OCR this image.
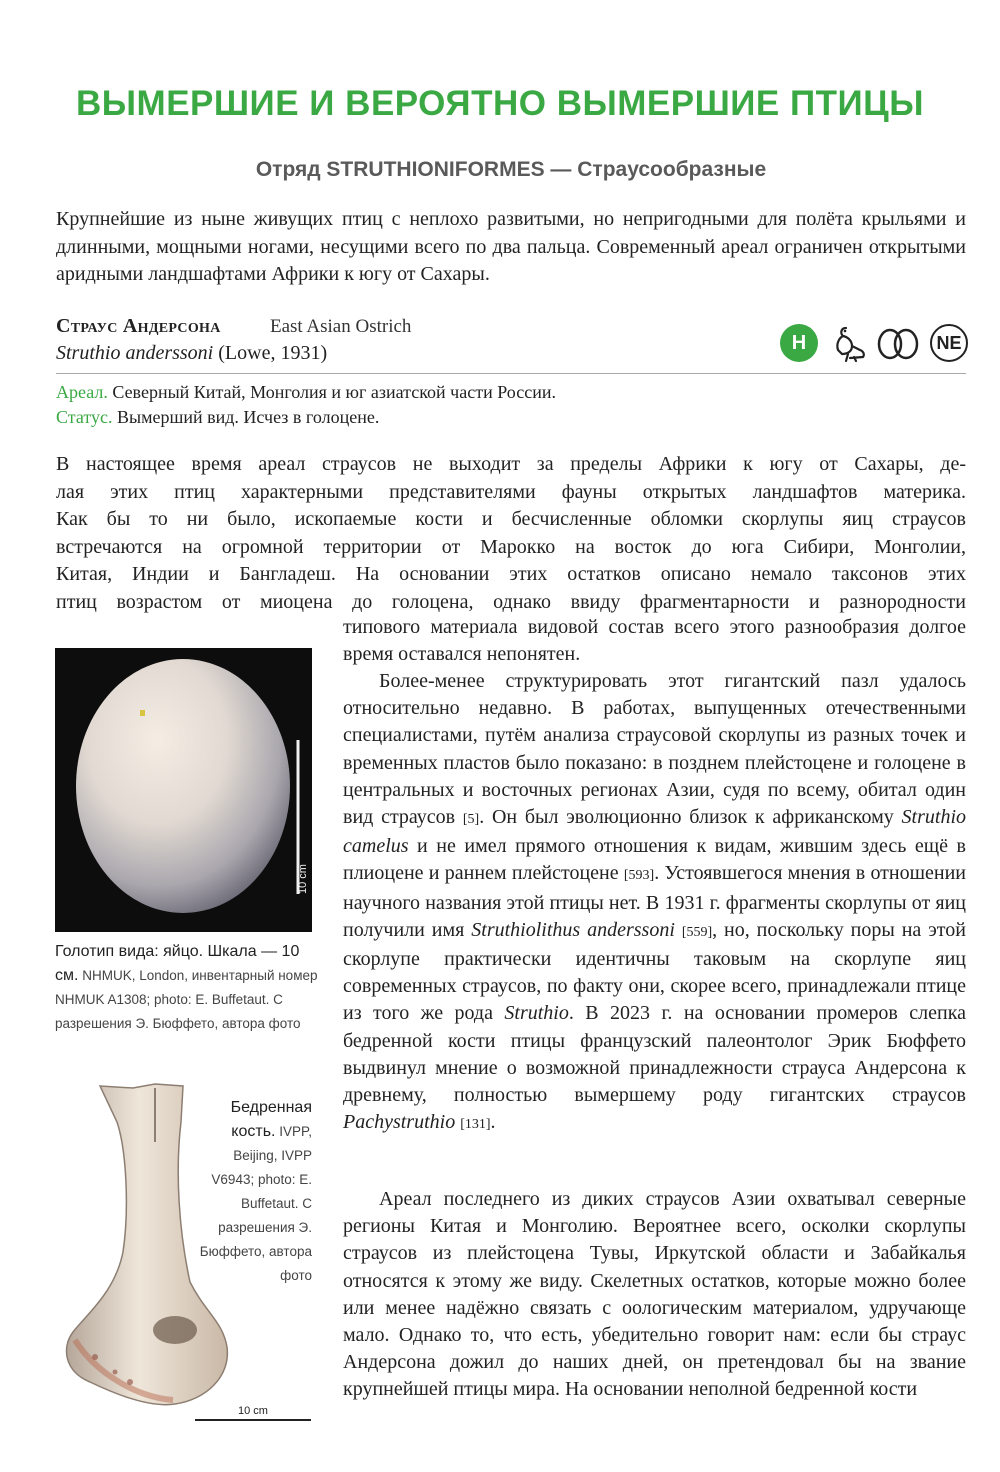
ВЫМЕРШИЕ И ВЕРОЯТНО ВЫМЕРШИЕ ПТИЦЫ
Отряд STRUTHIONIFORMES — Страусообразные

Крупнейшие из ныне живущих птиц с неплохо развитыми, но непригодными для полёта крыльями и длинными, мощными ногами, несущими всего по два пальца. Современный ареал ограничен открытыми аридными ландшафтами Африки к югу от Сахары.

Страус Андерсона	East Asian Ostrich
Struthio anderssoni (Lowe, 1931)	H	NE
Ареал. Северный Китай, Монголия и юг азиатской части России.
Статус. Вымерший вид. Исчез в голоцене.

В настоящее время ареал страусов не выходит за пределы Африки к югу от Сахары, де-
лая этих птиц характерными представителями фауны открытых ландшафтов материка.
Как бы то ни было, ископаемые кости и бесчисленные обломки скорлупы яиц страусов
встречаются на огромной территории от Марокко на восток до юга Сибири, Монголии,
Китая, Индии и Бангладеш. На основании этих остатков описано немало таксонов этих
птиц возрастом от миоцена до голоцена, однако ввиду фрагментарности и разнородности

типового материала видовой состав всего этого разнообразия долгое время оставался непонятен.

Более-менее структурировать этот гигантский пазл удалось относительно недавно. В работах, выпущенных отечественными специалистами, путём анализа страусовой скорлупы из разных точек и временных пластов было показано: в позднем плейстоцене и голоцене в центральных и восточных регионах Азии, судя по всему, обитал один вид страусов [5]. Он был эволюционно близок к африканскому Struthio camelus и не имел прямого отношения к видам, жившим здесь ещё в плиоцене и раннем плейстоцене [593]. Устоявшегося мнения в отношении научного названия этой птицы нет. В 1931 г. фрагменты скорлупы от яиц получили имя Struthiolithus anderssoni [559], но, поскольку поры на этой скорлупе практически идентичны таковым на скорлупе яиц современных страусов, по факту они, скорее всего, принадлежали птице из того же рода Struthio. В 2023 г. на основании промеров слепка бедренной кости птицы французский палеонтолог Эрик Бюффето выдвинул мнение о возможной принадлежности страуса Андерсона к древнему, полностью вымершему роду гигантских страусов Pachystruthio [131].

Ареал последнего из диких страусов Азии охватывал северные регионы Китая и Монголию. Вероятнее всего, осколки скорлупы страусов из плейстоцена Тувы, Иркутской области и Забайкалья относятся к этому же виду. Скелетных остатков, которые можно более или менее надёжно связать с оологическим материалом, удручающе мало. Однако то, что есть, убедительно говорит нам: если бы страус Андерсона дожил до наших дней, он претендовал бы на звание крупнейшей птицы мира. На основании неполной бедренной кости

10 cm
Голотип вида: яйцо. Шкала — 10 см. NHMUK, London, инвентарный номер NHMUK A1308; photo: E. Buffetaut. С разрешения Э. Бюффето, автора фото
10 cm
Бедренная кость. IVPP, Beijing, IVPP V6943; photo: E. Buffetaut. С разрешения Э. Бюффето, автора фото
